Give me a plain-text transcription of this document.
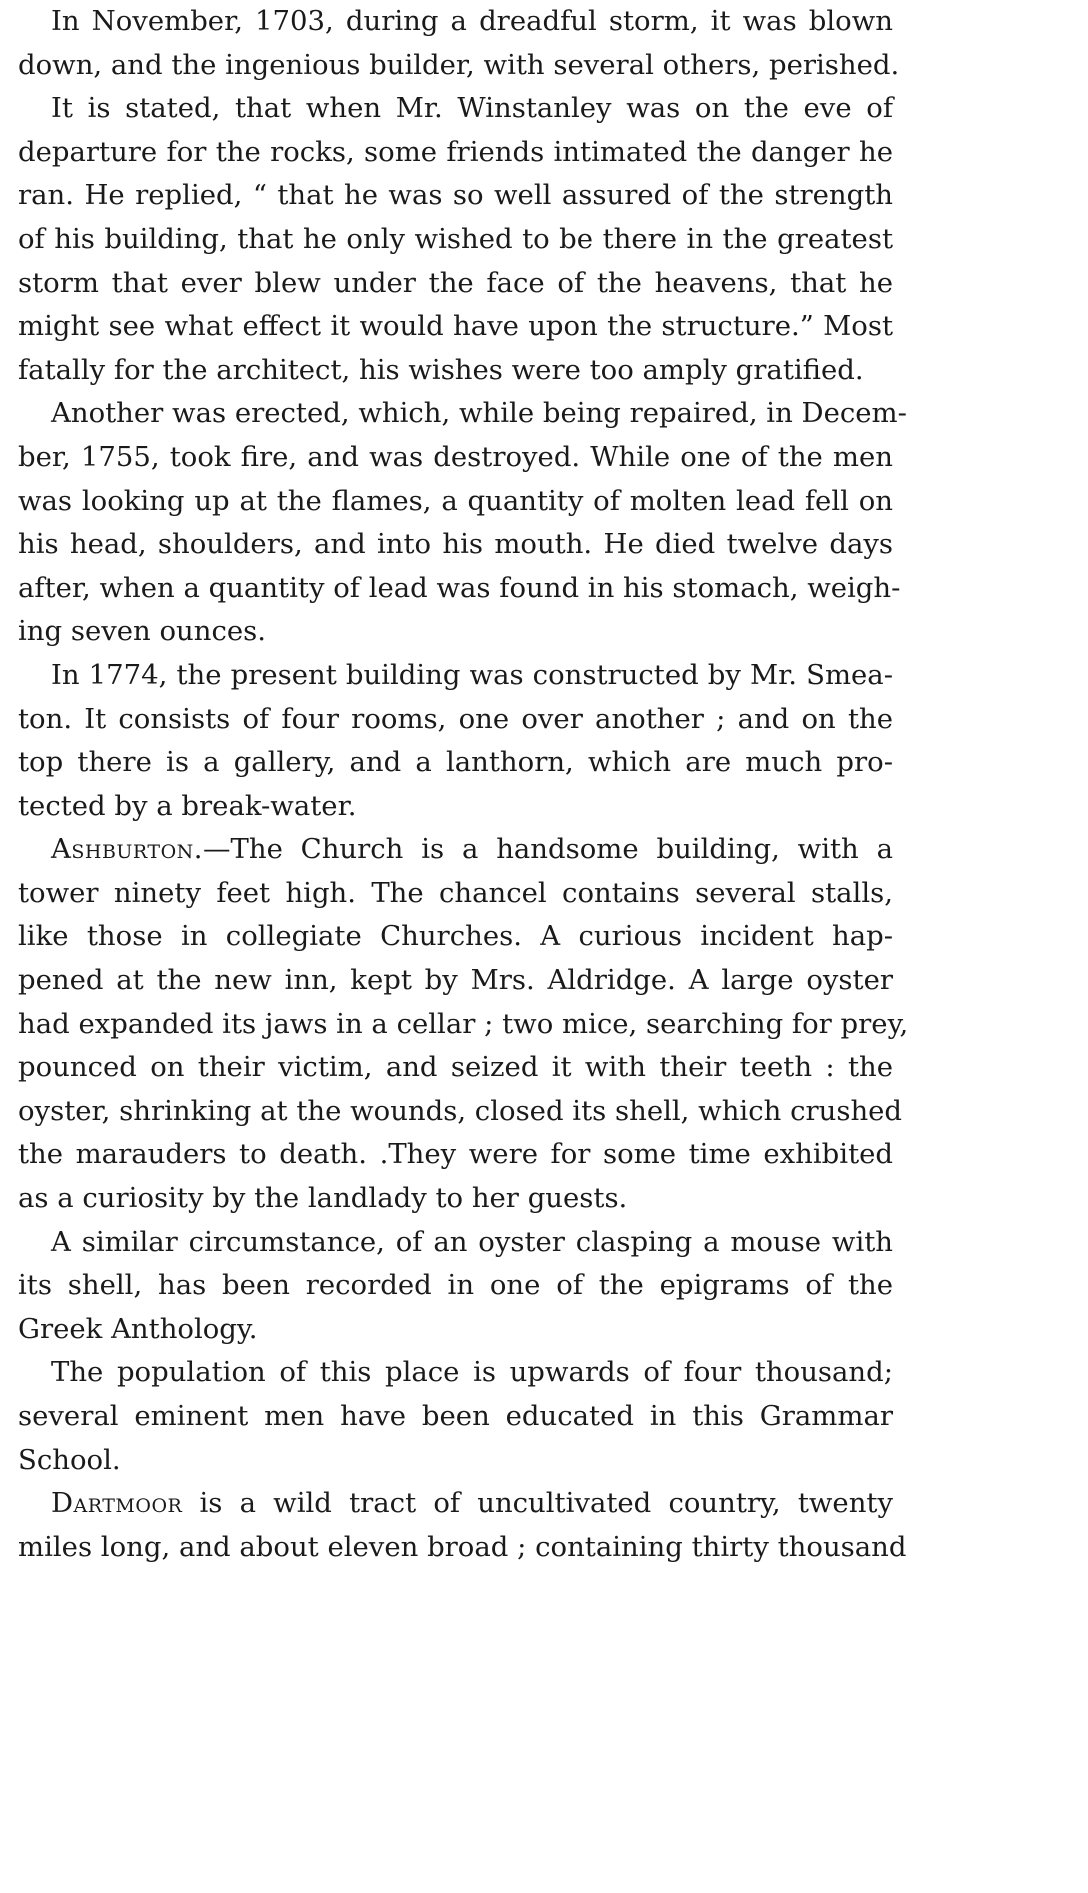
In November, 1703, during a dreadful storm, it was blown
down, and the ingenious builder, with several others, perished.
It is stated, that when Mr. Winstanley was on the eve of
departure for the rocks, some friends intimated the danger he
ran. He replied, “ that he was so well assured of the strength
of his building, that he only wished to be there in the greatest
storm that ever blew under the face of the heavens, that he
might see what effect it would have upon the structure.” Most
fatally for the architect, his wishes were too amply gratified.
Another was erected, which, while being repaired, in Decem-
ber, 1755, took fire, and was destroyed. While one of the men
was looking up at the flames, a quantity of molten lead fell on
his head, shoulders, and into his mouth. He died twelve days
after, when a quantity of lead was found in his stomach, weigh-
ing seven ounces.
In 1774, the present building was constructed by Mr. Smea-
ton. It consists of four rooms, one over another ; and on the
top there is a gallery, and a lanthorn, which are much pro-
tected by a break-water.
Ashburton.—The Church is a handsome building, with a
tower ninety feet high. The chancel contains several stalls,
like those in collegiate Churches. A curious incident hap-
pened at the new inn, kept by Mrs. Aldridge. A large oyster
had expanded its jaws in a cellar ; two mice, searching for prey,
pounced on their victim, and seized it with their teeth : the
oyster, shrinking at the wounds, closed its shell, which crushed
the marauders to death. .They were for some time exhibited
as a curiosity by the landlady to her guests.
A similar circumstance, of an oyster clasping a mouse with
its shell, has been recorded in one of the epigrams of the
Greek Anthology.
The population of this place is upwards of four thousand;
several eminent men have been educated in this Grammar
School.
Dartmoor is a wild tract of uncultivated country, twenty
miles long, and about eleven broad ; containing thirty thousand
